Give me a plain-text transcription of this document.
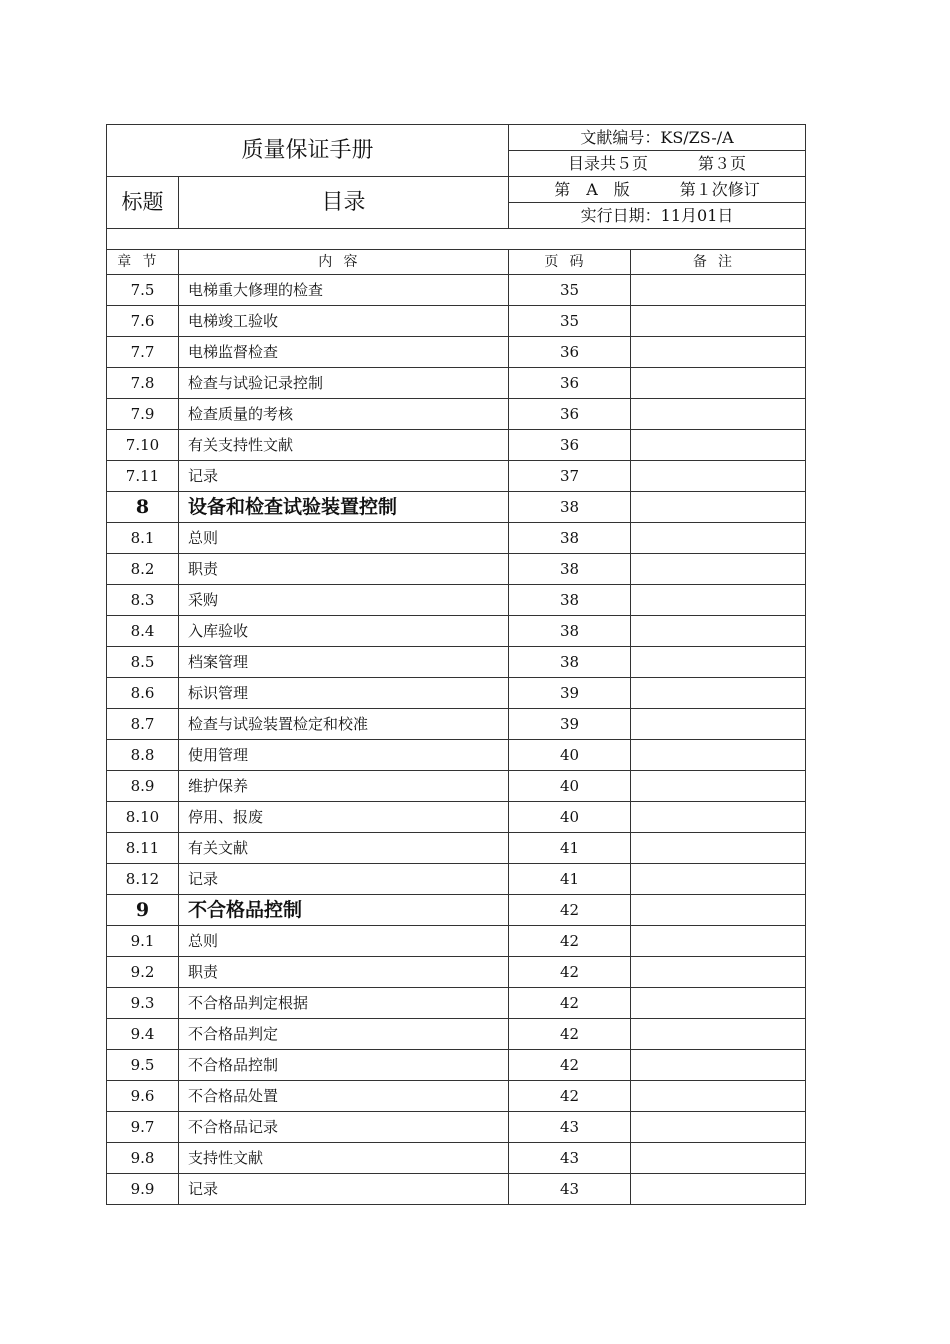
质量保证手册		文献编号：KS/ZS-/A	
		目录共５页 第３页	
标题	目录	第　A　版 第１次修订	
		实行日期：11月01日	

章节	内容	页码	备注
7.5	电梯重大修理的检查	35	
7.6	电梯竣工验收	35	
7.7	电梯监督检查	36	
7.8	检查与试验记录控制	36	
7.9	检查质量的考核	36	
7.10	有关支持性文献	36	
7.11	记录	37	
8	设备和检查试验装置控制	38	
8.1	总则	38	
8.2	职责	38	
8.3	采购	38	
8.4	入库验收	38	
8.5	档案管理	38	
8.6	标识管理	39	
8.7	检查与试验装置检定和校准	39	
8.8	使用管理	40	
8.9	维护保养	40	
8.10	停用、报废	40	
8.11	有关文献	41	
8.12	记录	41	
9	不合格品控制	42	
9.1	总则	42	
9.2	职责	42	
9.3	不合格品判定根据	42	
9.4	不合格品判定	42	
9.5	不合格品控制	42	
9.6	不合格品处置	42	
9.7	不合格品记录	43	
9.8	支持性文献	43	
9.9	记录	43	
